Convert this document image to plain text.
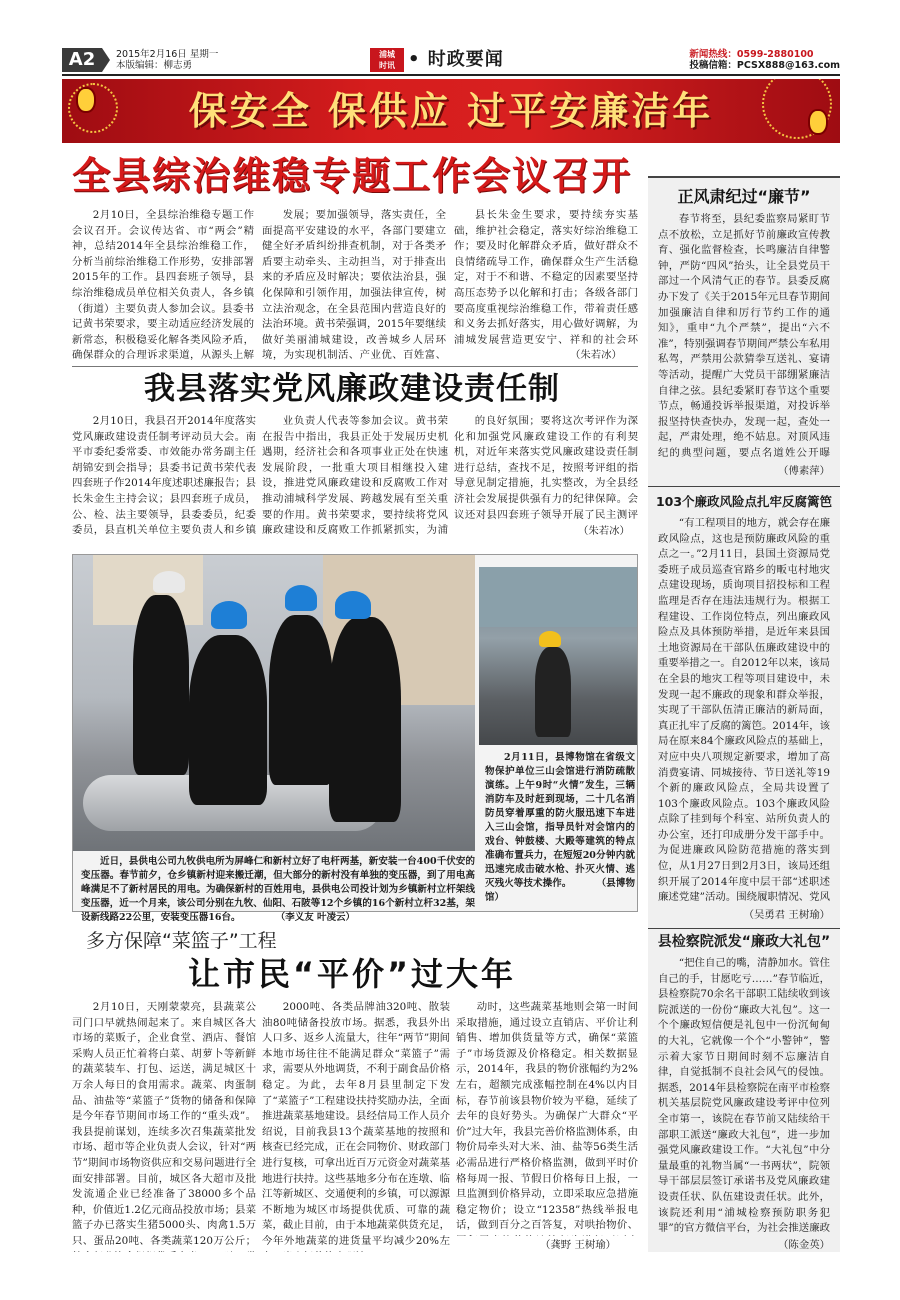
A2	2015年2月16日 星期一
本版编辑：柳志勇
浦城
时讯 • 时政要闻	新闻热线：0599-2880100
投稿信箱：PCSX888@163.com
保安全 保供应 过平安廉洁年
全县综治维稳专题工作会议召开
2月10日，全县综治维稳专题工作会议召开。会议传达省、市“两会”精神，总结2014年全县综治维稳工作，分析当前综治维稳工作形势，安排部署2015年的工作。县四套班子领导，县综治维稳成员单位相关负责人，各乡镇（街道）主要负责人参加会议。县委书记黄书荣要求，要主动适应经济发展的新常态，积极稳妥化解各类风险矛盾，确保群众的合理诉求渠道，从源头上解
发展；要加强领导，落实责任，全面提高平安建设的水平，各部门要建立健全好矛盾纠纷排查机制，对于各类矛盾要主动牵头、主动担当，对于排查出来的矛盾应及时解决；要依法治县，强化保障和引领作用，加强法律宣传，树立法治观念，在全县范围内营造良好的法治环境。黄书荣强调，2015年要继续做好美丽浦城建设，改善城乡人居环境，为实现机制活、产业优、百姓富、
县长朱金生要求，要持续夯实基础，维护社会稳定，落实好综治维稳工作；要及时化解群众矛盾，做好群众不良情绪疏导工作，确保群众生产生活稳定，对于不和谐、不稳定的因素要坚持高压态势予以化解和打击；各级各部门要高度重视综治维稳工作，带着责任感和义务去抓好落实，用心做好调解，为浦城发展营造更安宁、祥和的社会环
（朱若冰）
我县落实党风廉政建设责任制
2月10日，我县召开2014年度落实党风廉政建设责任制考评动员大会。南平市委纪委常委、市效能办常务副主任胡锦安到会指导；县委书记黄书荣代表四套班子作2014年度述职述廉报告；县长朱金生主持会议；县四套班子成员，公、检、法主要领导，县委委员，纪委委员，县直机关单位主要负责人和乡镇
业负责人代表等参加会议。黄书荣在报告中指出，我县正处于发展历史机遇期，经济社会和各项事业正处在快速发展阶段，一批重大项目相继投入建设，推进党风廉政建设和反腐败工作对推动浦城科学发展、跨越发展有至关重要的作用。黄书荣要求，要持续将党风廉政建设和反腐败工作抓紧抓实，为浦
的良好氛围；要将这次考评作为深化和加强党风廉政建设工作的有利契机，对近年来落实党风廉政建设责任制进行总结，查找不足，按照考评组的指导意见制定措施，扎实整改，为全县经济社会发展提供强有力的纪律保障。会议还对县四套班子领导开展了民主测评
（朱若冰）
近日，县供电公司九牧供电所为屏峰仁和新村立好了电杆两基，新安装一台400千伏安的变压器。春节前夕，仓乡镇新村迎来搬迁潮，但大部分的新村没有单独的变压器，到了用电高峰满足不了新村居民的用电。为确保新村的百姓用电，县供电公司投计划为乡镇新村立杆架线变压器，近一个月来，该公司分别在九牧、仙阳、石陂等12个乡镇的16个新村立杆32基，架设新线路22公里，安装变压器16台。	（李义友 叶凌云）
2月11日，县博物馆在省级文物保护单位三山会馆进行消防疏散演练。上午9时“火情”发生，三辆消防车及时赶到现场，二十几名消防员穿着厚重的防火服迅速下车进入三山会馆，指导员针对会馆内的戏台、钟鼓楼、大殿等建筑的特点准确布置兵力，在短短20分钟内就迅速完成击破水枪、扑灭火情、逃灭残火等技术操作。	（县博物馆）
多方保障“菜篮子”工程
让市民“平价”过大年
2月10日，天刚蒙蒙亮，县蔬菜公司门口早就热闹起来了。来自城区各大市场的菜贩子，企业食堂、酒店、餐馆采购人员正忙着将白菜、胡萝卜等新鲜的蔬菜装车、打包、运送，满足城区十万余人每日的食用需求。蔬菜、肉蛋制品、油盐等“菜篮子”货物的储备和保障是今年春节期间市场工作的“重头戏”。我县提前谋划，连续多次召集蔬菜批发市场、超市等企业负责人会议，针对“两节”期间市场物资供应和交易问题进行全面安排部署。目前，城区各大超市及批发流通企业已经准备了38000多个品种，价值近1.2亿元商品投放市场；县菜篮子办已落实生猪5000头、肉禽1.5万只、蛋品20吨、各类蔬菜120万公斤；
2000吨、各类品牌油320吨、散装油80吨储备投放市场。据悉，我县外出人口多、返乡人流量大，往年“两节”期间本地市场往往不能满足群众“菜篮子”需求，需要从外地调货，不利于副食品价格稳定。为此，去年8月县里制定下发了“菜篮子”工程建设扶持奖励办法，全面推进蔬菜基地建设。县经信局工作人员介绍说，目前我县13个蔬菜基地的按照和核查已经完成，正在会同物价、财政部门进行复核，可拿出近百万元资金对蔬菜基地进行扶持。这些基地多分布在连墩、临江等新城区、交通便利的乡镇，可以源源不断地为城区市场提供优质、可靠的蔬菜，截止目前，由于本地蔬菜供货充足，今年外地蔬菜的进货量平均减少20%左
动时，这些蔬菜基地则会第一时间采取措施，通过设立直销店、平价让利销售、增加供货量等方式，确保“菜篮子”市场货源及价格稳定。相关数据显示，2014年，我县的物价涨幅约为2%左右，超额完成涨幅控制在4%以内目标，春节前该县物价较为平稳，延续了去年的良好势头。为确保广大群众“平价”过大年，我县完善价格监测体系，由物价局牵头对大米、油、盐等56类生活必需品进行严格价格监测，做到平时价格每周一报、节假日价格每日上报，一旦监测到价格异动，立即采取应急措施稳定物价；设立“12358”热线举报电话，做到百分之百答复，对哄抬物价、
（龚野 王树瑜）
正风肃纪过“廉节”
春节将至，县纪委监察局紧盯节点不放松，立足抓好节前廉政宣传教育、强化监督检查，长鸣廉洁自律警钟，严防“四风”抬头，让全县党员干部过一个风清气正的春节。县委反腐办下发了《关于2015年元旦春节期间加强廉洁自律和厉行节约工作的通知》，重申“九个严禁”，提出“六不准”，特别强调春节期间严禁公车私用私驾，严禁用公款猜拳互送礼、宴请等活动，提醒广大党员干部绷紧廉洁自律之弦。县纪委紧盯春节这个重要节点，畅通投诉举报渠道，对投诉举报坚持快查快办，发现一起，查处一起，严肃处理，绝不姑息。对顶风违纪的典型问题，要点名道姓公开曝
（傅素萍）
103个廉政风险点扎牢反腐篱笆
“有工程项目的地方，就会存在廉政风险点，这也是预防廉政风险的重点之一。”2月11日，县国土资源局党委班子成员巡查官路乡的畈屯村地灾点建设现场，质询项目招投标和工程监理是否存在违法违规行为。根据工程建设、工作岗位特点，列出廉政风险点及具体预防举措，是近年来县国土地资源局在干部队伍廉政建设中的重要举措之一。自2012年以来，该局在全县的地灾工程等项目建设中，未发现一起不廉政的现象和群众举报，实现了干部队伍清正廉洁的新局面，真正扎牢了反腐的篱笆。2014年，该局在原来84个廉政风险点的基础上，对应中央八项规定新要求，增加了高消费宴请、同城接待、节日送礼等19个新的廉政风险点，全局共设置了103个廉政风险点。103个廉政风险点除了挂到每个科室、站所负责人的办公室，还打印成册分发干部手中。为促进廉政风险防范措施的落实到位，从1月27日到2月3日，该局还组织开展了2014年度中层干部“述职述廉述党建”活动。围绕履职情况、党风
（吴勇君 王树瑜）
县检察院派发“廉政大礼包”
“把住自己的嘴，清静加水。管住自己的手，甘愿吃亏……”春节临近，县检察院70余名干部职工陆续收到该院派送的一份份“廉政大礼包”。这一个个廉政短信便是礼包中一份沉甸甸的大礼，它就像一个个“小警钟”，警示着大家节日期间时刻不忘廉洁自律，自觉抵制不良社会风气的侵蚀。据悉，2014年县检察院在南平市检察机关基层院党风廉政建设考评中位列全市第一，该院在春节前又陆续给干部职工派送“廉政大礼包”，进一步加强党风廉政建设工作。“大礼包”中分量最重的礼物当属“一书两状”，院领导干部层层签订承诺书及党风廉政建设责任状、队伍建设责任状。此外，该院还利用“浦城检察预防职务犯罪”的官方微信平台，为社会推送廉政
（陈金英）
